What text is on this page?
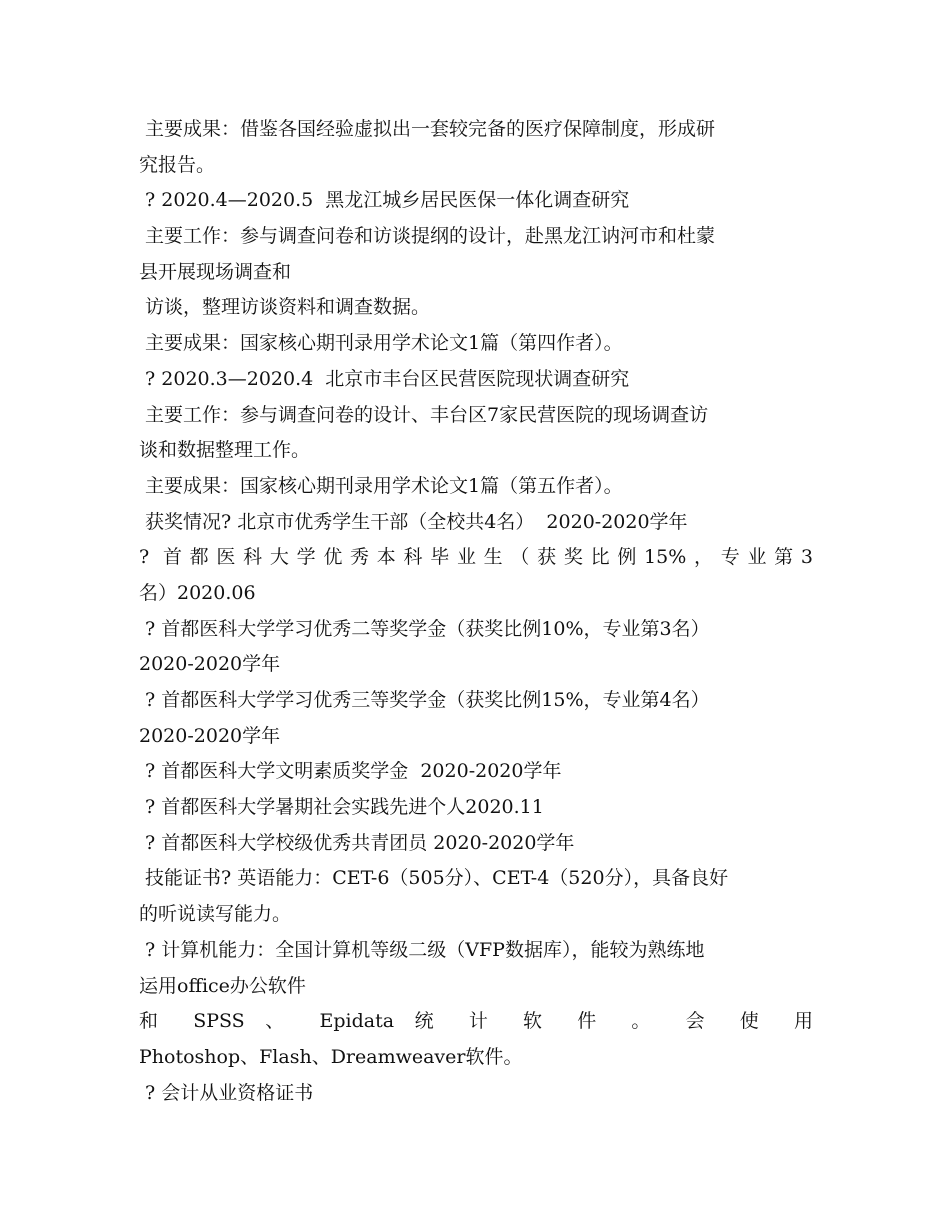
主要成果：借鉴各国经验虚拟出一套较完备的医疗保障制度，形成研

究报告。

? 2020.4—2020.5  黑龙江城乡居民医保一体化调查研究

主要工作：参与调查问卷和访谈提纲的设计，赴黑龙江讷河市和杜蒙

县开展现场调查和

访谈，整理访谈资料和调查数据。

主要成果：国家核心期刊录用学术论文1篇（第四作者）。

? 2020.3—2020.4  北京市丰台区民营医院现状调查研究

主要工作：参与调查问卷的设计、丰台区7家民营医院的现场调查访

谈和数据整理工作。

主要成果：国家核心期刊录用学术论文1篇（第五作者）。

获奖情况? 北京市优秀学生干部（全校共4名）  2020-2020学年

? 首都医科大学优秀本科毕业生（获奖比例15%，专业第3

名）2020.06

? 首都医科大学学习优秀二等奖学金（获奖比例10%，专业第3名）

2020-2020学年

? 首都医科大学学习优秀三等奖学金（获奖比例15%，专业第4名）

2020-2020学年

? 首都医科大学文明素质奖学金  2020-2020学年

? 首都医科大学暑期社会实践先进个人2020.11

? 首都医科大学校级优秀共青团员 2020-2020学年

技能证书? 英语能力：CET-6（505分）、CET-4（520分），具备良好

的听说读写能力。

? 计算机能力：全国计算机等级二级（VFP数据库），能较为熟练地

运用office办公软件

和 SPSS 、 Epidata 统 计 软 件 。 会 使 用

Photoshop、Flash、Dreamweaver软件。

? 会计从业资格证书
